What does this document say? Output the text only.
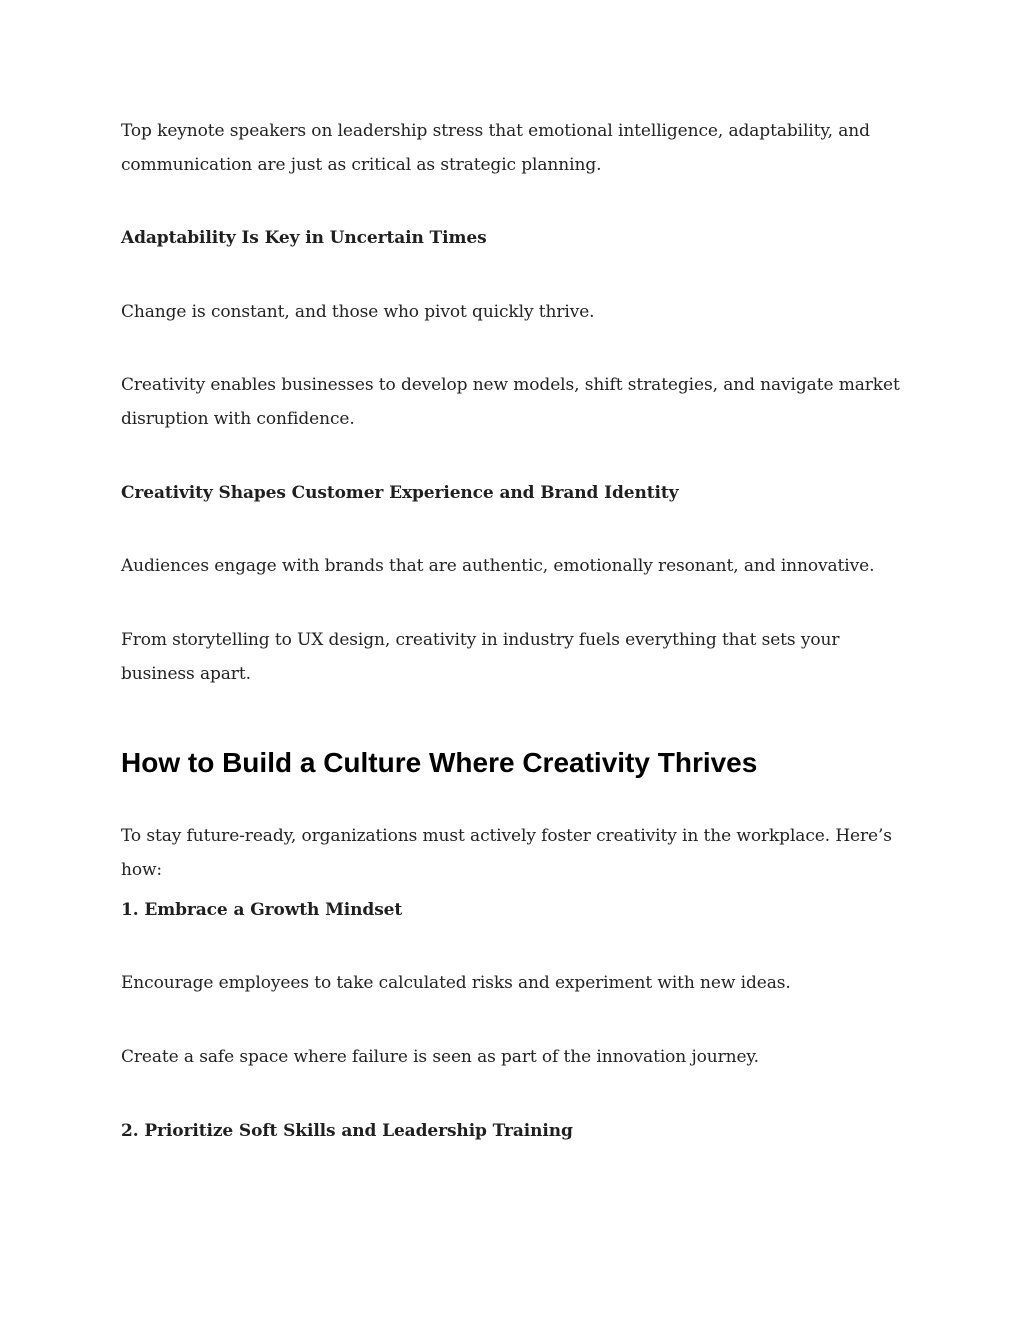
Top keynote speakers on leadership stress that emotional intelligence, adaptability, and communication are just as critical as strategic planning.

Adaptability Is Key in Uncertain Times

Change is constant, and those who pivot quickly thrive.

Creativity enables businesses to develop new models, shift strategies, and navigate market disruption with confidence.

Creativity Shapes Customer Experience and Brand Identity

Audiences engage with brands that are authentic, emotionally resonant, and innovative.

From storytelling to UX design, creativity in industry fuels everything that sets your business apart.

How to Build a Culture Where Creativity Thrives

To stay future-ready, organizations must actively foster creativity in the workplace. Here’s how:

1. Embrace a Growth Mindset

Encourage employees to take calculated risks and experiment with new ideas.

Create a safe space where failure is seen as part of the innovation journey.

2. Prioritize Soft Skills and Leadership Training
